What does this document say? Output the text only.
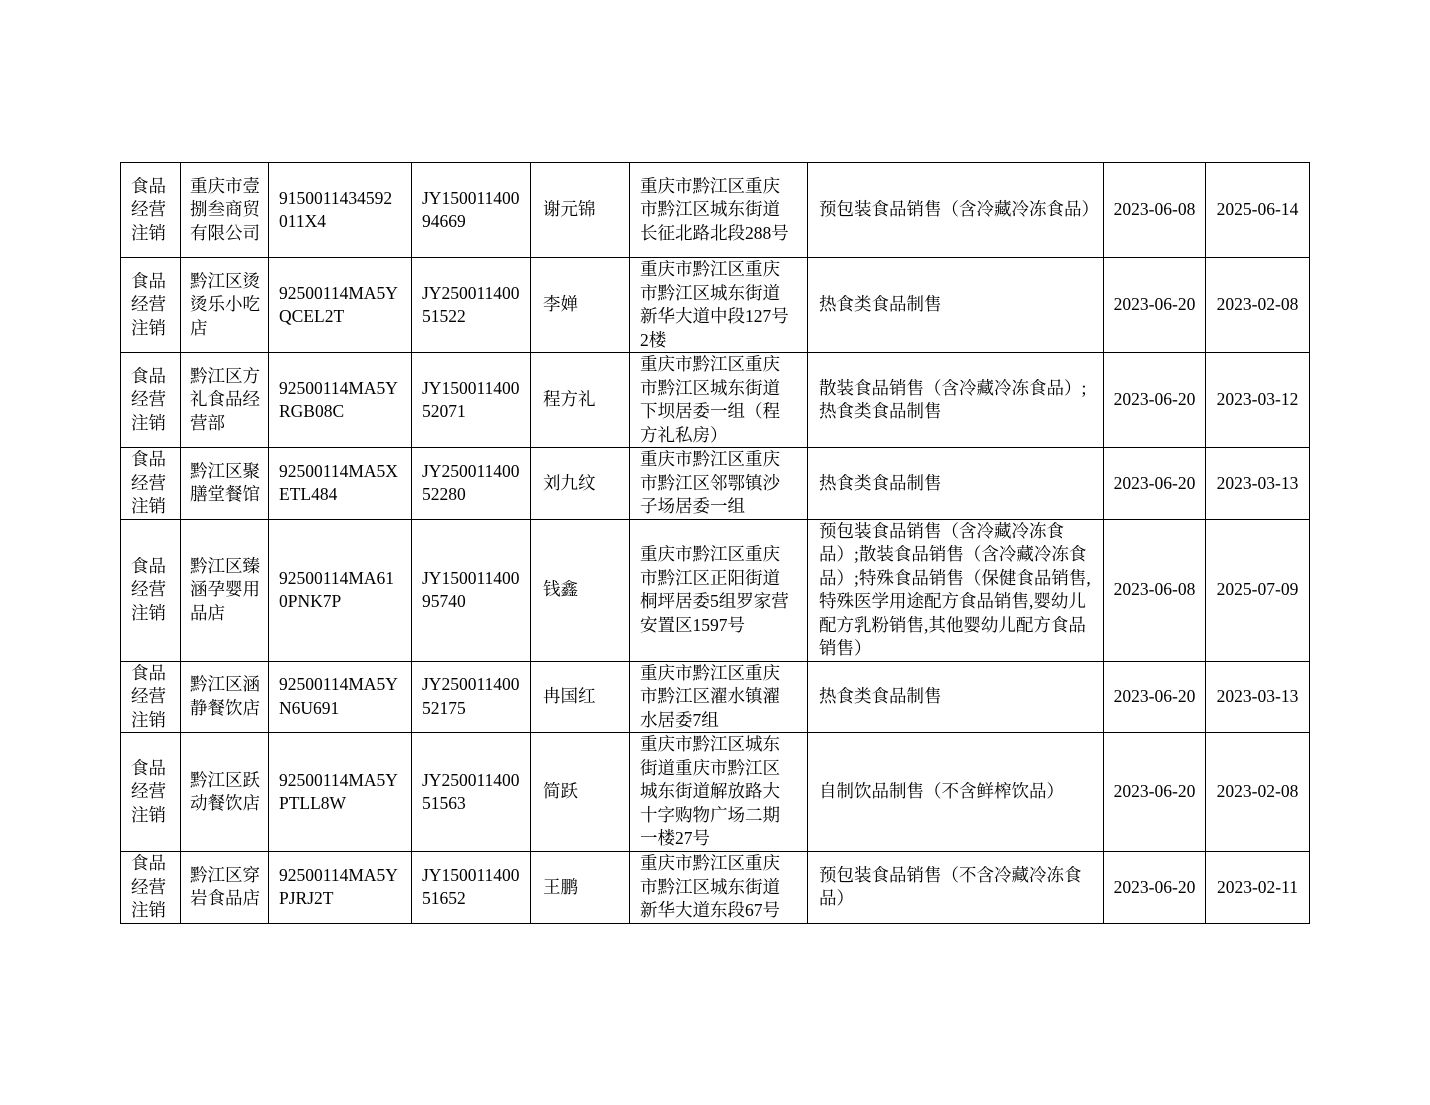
食品经营注销	重庆市壹捌叁商贸有限公司	9150011434592011X4	JY15001140094669	谢元锦	重庆市黔江区重庆市黔江区城东街道长征北路北段288号	预包装食品销售（含冷藏冷冻食品）	2023-06-08	2025-06-14
食品经营注销	黔江区烫烫乐小吃店	92500114MA5YQCEL2T	JY25001140051522	李婵	重庆市黔江区重庆市黔江区城东街道新华大道中段127号2楼	热食类食品制售	2023-06-20	2023-02-08
食品经营注销	黔江区方礼食品经营部	92500114MA5YRGB08C	JY15001140052071	程方礼	重庆市黔江区重庆市黔江区城东街道下坝居委一组（程方礼私房）	散装食品销售（含冷藏冷冻食品）;热食类食品制售	2023-06-20	2023-03-12
食品经营注销	黔江区聚膳堂餐馆	92500114MA5XETL484	JY25001140052280	刘九纹	重庆市黔江区重庆市黔江区邻鄂镇沙子场居委一组	热食类食品制售	2023-06-20	2023-03-13
食品经营注销	黔江区臻涵孕婴用品店	92500114MA610PNK7P	JY15001140095740	钱鑫	重庆市黔江区重庆市黔江区正阳街道桐坪居委5组罗家营安置区1597号	预包装食品销售（含冷藏冷冻食品）;散装食品销售（含冷藏冷冻食品）;特殊食品销售（保健食品销售,特殊医学用途配方食品销售,婴幼儿配方乳粉销售,其他婴幼儿配方食品销售）	2023-06-08	2025-07-09
食品经营注销	黔江区涵静餐饮店	92500114MA5YN6U691	JY25001140052175	冉国红	重庆市黔江区重庆市黔江区濯水镇濯水居委7组	热食类食品制售	2023-06-20	2023-03-13
食品经营注销	黔江区跃动餐饮店	92500114MA5YPTLL8W	JY25001140051563	简跃	重庆市黔江区城东街道重庆市黔江区城东街道解放路大十字购物广场二期一楼27号	自制饮品制售（不含鲜榨饮品）	2023-06-20	2023-02-08
食品经营注销	黔江区穿岩食品店	92500114MA5YPJRJ2T	JY15001140051652	王鹏	重庆市黔江区重庆市黔江区城东街道新华大道东段67号	预包装食品销售（不含冷藏冷冻食品）	2023-06-20	2023-02-11
